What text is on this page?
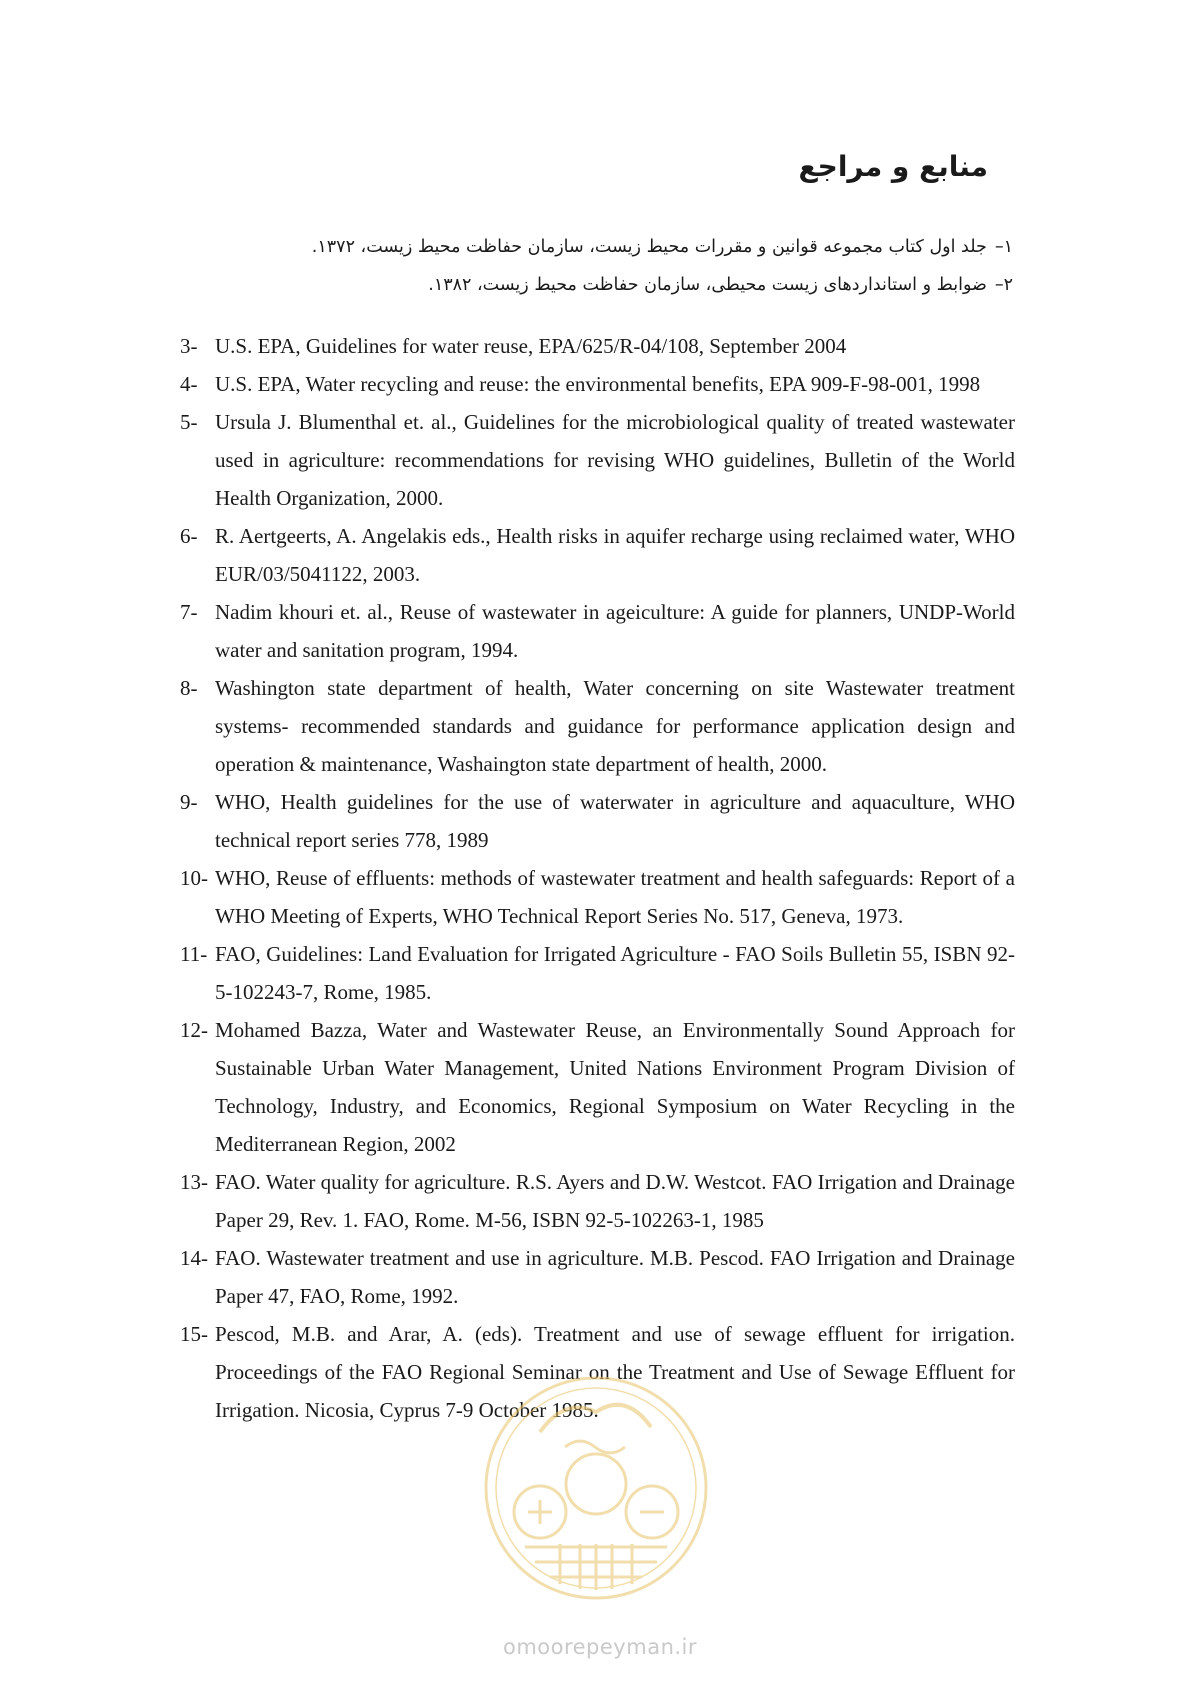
منابع و مراجع

۱–جلد اول کتاب مجموعه قوانین و مقررات محیط زیست، سازمان حفاظت محیط زیست، ۱۳۷۲.

۲–ضوابط و استانداردهای زیست محیطی، سازمان حفاظت محیط زیست، ۱۳۸۲.

3- U.S. EPA, Guidelines for water reuse, EPA/625/R-04/108, September 2004
4- U.S. EPA, Water recycling and reuse: the environmental benefits, EPA 909-F-98-001, 1998
5- Ursula J. Blumenthal et. al., Guidelines for the microbiological quality of treated wastewater used in agriculture: recommendations for revising WHO guidelines, Bulletin of the World Health Organization, 2000.
6- R. Aertgeerts, A. Angelakis eds., Health risks in aquifer recharge using reclaimed water, WHO EUR/03/5041122, 2003.
7- Nadim khouri et. al., Reuse of wastewater in ageiculture: A guide for planners, UNDP-World water and sanitation program, 1994.
8- Washington state department of health, Water concerning on site Wastewater treatment systems- recommended standards and guidance for performance application design and operation & maintenance, Washaington state department of health, 2000.
9- WHO, Health guidelines for the use of waterwater in agriculture and aquaculture, WHO technical report series 778, 1989
10- WHO, Reuse of effluents: methods of wastewater treatment and health safeguards: Report of a WHO Meeting of Experts, WHO Technical Report Series No. 517, Geneva, 1973.
11- FAO, Guidelines: Land Evaluation for Irrigated Agriculture - FAO Soils Bulletin 55, ISBN 92-5-102243-7, Rome, 1985.
12- Mohamed Bazza, Water and Wastewater Reuse, an Environmentally Sound Approach for Sustainable Urban Water Management, United Nations Environment Program Division of Technology, Industry, and Economics, Regional Symposium on Water Recycling in the Mediterranean Region, 2002
13- FAO. Water quality for agriculture. R.S. Ayers and D.W. Westcot. FAO Irrigation and Drainage Paper 29, Rev. 1. FAO, Rome. M-56, ISBN 92-5-102263-1, 1985
14- FAO. Wastewater treatment and use in agriculture. M.B. Pescod. FAO Irrigation and Drainage Paper 47, FAO, Rome, 1992.
15- Pescod, M.B. and Arar, A. (eds). Treatment and use of sewage effluent for irrigation. Proceedings of the FAO Regional Seminar on the Treatment and Use of Sewage Effluent for Irrigation. Nicosia, Cyprus 7-9 October 1985.
omoorepeyman.ir
